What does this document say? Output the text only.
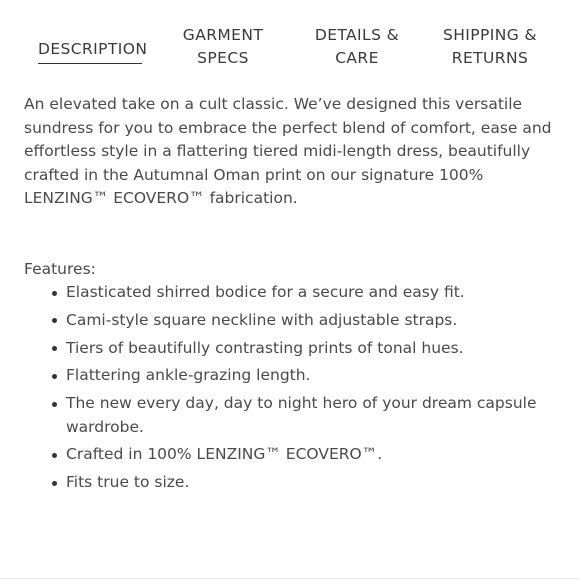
DESCRIPTION
GARMENT
SPECS
DETAILS &
CARE
SHIPPING &
RETURNS

An elevated take on a cult classic. We’ve designed this versatile sundress for you to embrace the perfect blend of comfort, ease and effortless style in a flattering tiered midi-length dress, beautifully crafted in the Autumnal Oman print on our signature 100% LENZING™ ECOVERO™ fabrication.

Features:

Elasticated shirred bodice for a secure and easy fit.
Cami-style square neckline with adjustable straps.
Tiers of beautifully contrasting prints of tonal hues.
Flattering ankle-grazing length.
The new every day, day to night hero of your dream capsule wardrobe.
Crafted in 100% LENZING™ ECOVERO™.
Fits true to size.
